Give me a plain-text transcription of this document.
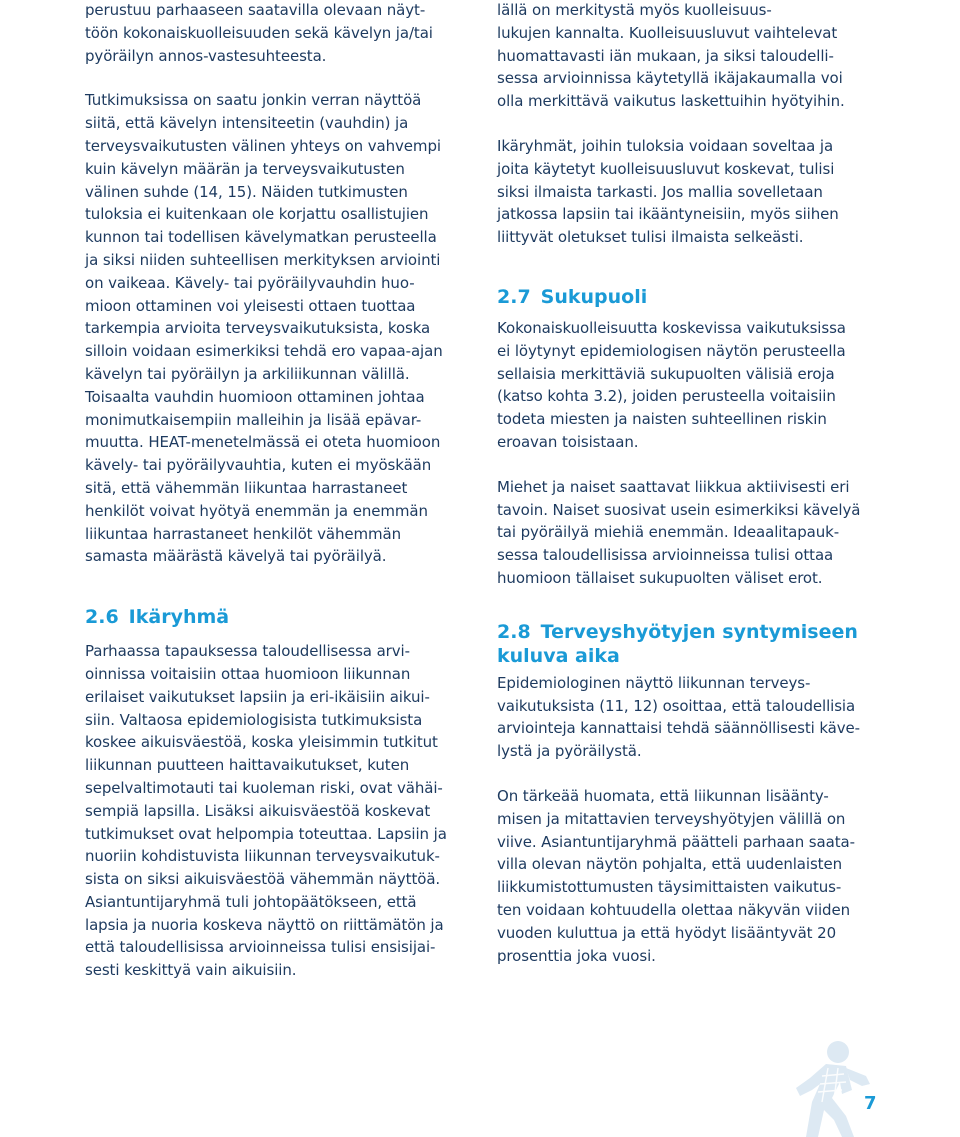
perustuu parhaaseen saatavilla olevaan näyt-
töön kokonaiskuolleisuuden sekä kävelyn ja/tai
pyöräilyn annos-vastesuhteesta.
Tutkimuksissa on saatu jonkin verran näyttöä
siitä, että kävelyn intensiteetin (vauhdin) ja
terveysvaikutusten välinen yhteys on vahvempi
kuin kävelyn määrän ja terveysvaikutusten
välinen suhde (14, 15). Näiden tutkimusten
tuloksia ei kuitenkaan ole korjattu osallistujien
kunnon tai todellisen kävelymatkan perusteella
ja siksi niiden suhteellisen merkityksen arviointi
on vaikeaa. Kävely- tai pyöräilyvauhdin huo-
mioon ottaminen voi yleisesti ottaen tuottaa
tarkempia arvioita terveysvaikutuksista, koska
silloin voidaan esimerkiksi tehdä ero vapaa-ajan
kävelyn tai pyöräilyn ja arkiliikunnan välillä.
Toisaalta vauhdin huomioon ottaminen johtaa
monimutkaisempiin malleihin ja lisää epävar-
muutta. HEAT-menetelmässä ei oteta huomioon
kävely- tai pyöräilyvauhtia, kuten ei myöskään
sitä, että vähemmän liikuntaa harrastaneet
henkilöt voivat hyötyä enemmän ja enemmän
liikuntaa harrastaneet henkilöt vähemmän
samasta määrästä kävelyä tai pyöräilyä.
2.6 Ikäryhmä
Parhaassa tapauksessa taloudellisessa arvi-
oinnissa voitaisiin ottaa huomioon liikunnan
erilaiset vaikutukset lapsiin ja eri-ikäisiin aikui-
siin. Valtaosa epidemiologisista tutkimuksista
koskee aikuisväestöä, koska yleisimmin tutkitut
liikunnan puutteen haittavaikutukset, kuten
sepelvaltimotauti tai kuoleman riski, ovat vähäi-
sempiä lapsilla. Lisäksi aikuisväestöä koskevat
tutkimukset ovat helpompia toteuttaa. Lapsiin ja
nuoriin kohdistuvista liikunnan terveysvaikutuk-
sista on siksi aikuisväestöä vähemmän näyttöä.
Asiantuntijaryhmä tuli johtopäätökseen, että
lapsia ja nuoria koskeva näyttö on riittämätön ja
että taloudellisissa arvioinneissa tulisi ensisijai-
sesti keskittyä vain aikuisiin.
lällä on merkitystä myös kuolleisuus-
lukujen kannalta. Kuolleisuusluvut vaihtelevat
huomattavasti iän mukaan, ja siksi taloudelli-
sessa arvioinnissa käytetyllä ikäjakaumalla voi
olla merkittävä vaikutus laskettuihin hyötyihin.
Ikäryhmät, joihin tuloksia voidaan soveltaa ja
joita käytetyt kuolleisuusluvut koskevat, tulisi
siksi ilmaista tarkasti. Jos mallia sovelletaan
jatkossa lapsiin tai ikääntyneisiin, myös siihen
liittyvät oletukset tulisi ilmaista selkeästi.
2.7 Sukupuoli
Kokonaiskuolleisuutta koskevissa vaikutuksissa
ei löytynyt epidemiologisen näytön perusteella
sellaisia merkittäviä sukupuolten välisiä eroja
(katso kohta 3.2), joiden perusteella voitaisiin
todeta miesten ja naisten suhteellinen riskin
eroavan toisistaan.
Miehet ja naiset saattavat liikkua aktiivisesti eri
tavoin. Naiset suosivat usein esimerkiksi kävelyä
tai pyöräilyä miehiä enemmän. Ideaalitapauk-
sessa taloudellisissa arvioinneissa tulisi ottaa
huomioon tällaiset sukupuolten väliset erot.
2.8 Terveyshyötyjen syntymiseen
kuluva aika
Epidemiologinen näyttö liikunnan terveys-
vaikutuksista (11, 12) osoittaa, että taloudellisia
arviointeja kannattaisi tehdä säännöllisesti käve-
lystä ja pyöräilystä.
On tärkeää huomata, että liikunnan lisäänty-
misen ja mitattavien terveyshyötyjen välillä on
viive. Asiantuntijaryhmä päätteli parhaan saata-
villa olevan näytön pohjalta, että uudenlaisten
liikkumistottumusten täysimittaisten vaikutus-
ten voidaan kohtuudella olettaa näkyvän viiden
vuoden kuluttua ja että hyödyt lisääntyvät 20
prosenttia joka vuosi.
7
